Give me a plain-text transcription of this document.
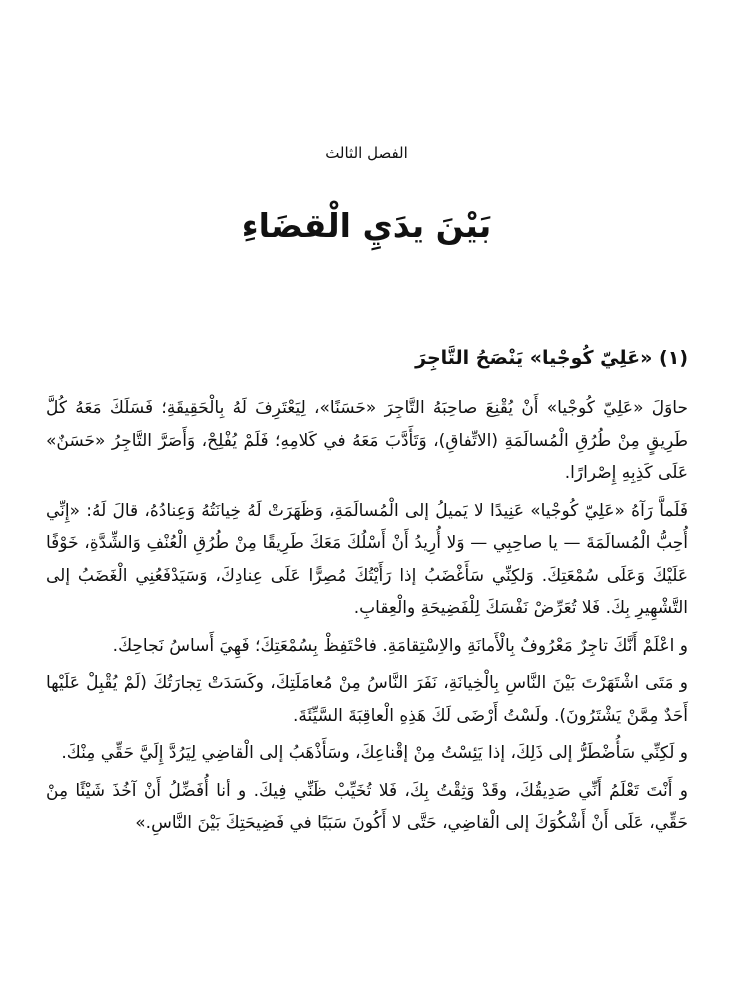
الفصل الثالث
بَيْنَ يدَيِ الْقضَاءِ
(١) «عَلِيّ كُوجْيا» يَنْصَحُ التَّاجِرَ

حاوَلَ «عَلِيّ كُوجْيا» أَنْ يُقْنِعَ صاحِبَهُ التَّاجِرَ «حَسَنًا»، لِيَعْتَرِفَ لَهُ بِالْحَقِيقَةِ؛ فَسَلَكَ مَعَهُ كُلَّ طَرِيقٍ مِنْ طُرُقِ الْمُسالَمَةِ (الاتِّفاقِ)، وَتَأَدَّبَ مَعَهُ في كَلامِهِ؛ فَلَمْ يُفْلِحْ، وَأَصَرَّ التَّاجِرُ «حَسَنٌ» عَلَى كَذِبِهِ إِصْرارًا.

فَلَماَّ رَآهُ «عَلِيّ كُوجْيا» عَنِيدًا لا يَميلُ إلى الْمُسالَمَةِ، وَظَهَرَتْ لَهُ خِيانَتُهُ وَعِنادُهُ، قالَ لَهُ: «إِنِّي أُحِبُّ الْمُسالَمَةَ — يا صاحِبِي — وَلا أُرِيدُ أَنْ أَسْلُكَ مَعَكَ طَرِيقًا مِنْ طُرُقِ الْعُنْفِ وَالشِّدَّةِ، خَوْفًا عَلَيْكَ وَعَلَى سُمْعَتِكَ. وَلكِنِّي سَأَغْضَبُ إذا رَأَيْتُكَ مُصِرًّا عَلَى عِنادِكَ، وَسَيَدْفَعُنِي الْغَضَبُ إلى التَّشْهِيرِ بِكَ. فَلا تُعَرِّضْ نَفْسَكَ لِلْفَضِيحَةِ والْعِقابِ.

و اعْلَمْ أَنَّكَ تاجِرٌ مَعْرُوفٌ بِالْأَمانَةِ والاِسْتِقامَةِ. فاحْتَفِظْ بِسُمْعَتِكَ؛ فَهِيَ أَساسُ نَجاحِكَ.

و مَتَى اشْتَهَرْتَ بَيْنَ النَّاسِ بِالْخِيانَةِ، نَفَرَ النَّاسُ مِنْ مُعامَلَتِكَ، وكَسَدَتْ تِجارَتُكَ (لَمْ يُقْبِلْ عَلَيْها أَحَدٌ مِمَّنْ يَشْتَرُونَ). ولَسْتُ أَرْضَى لَكَ هَذِهِ الْعاقِبَةَ السَّيِّئَةَ.

و لَكِنِّي سَأُضْطَرُّ إلى ذَلِكَ، إذا يَئِسْتُ مِنْ إقْناعِكَ، وسَأَذْهَبُ إلى الْقاضِي لِيَرُدَّ إِلَيَّ حَقِّي مِنْكَ.

و أَنْتَ تَعْلَمُ أَنِّي صَدِيقُكَ، وقَدْ وَثِقْتُ بِكَ، فَلا تُخَيِّبْ ظَنِّي فِيكَ. و أنا أُفَضِّلُ أَنْ آخُذَ شَيْئًا مِنْ حَقِّي، عَلَى أَنْ أَشْكُوَكَ إلى الْقاضِي، حَتَّى لا أَكُونَ سَبَبًا في فَضِيحَتِكَ بَيْنَ النَّاسِ.»
